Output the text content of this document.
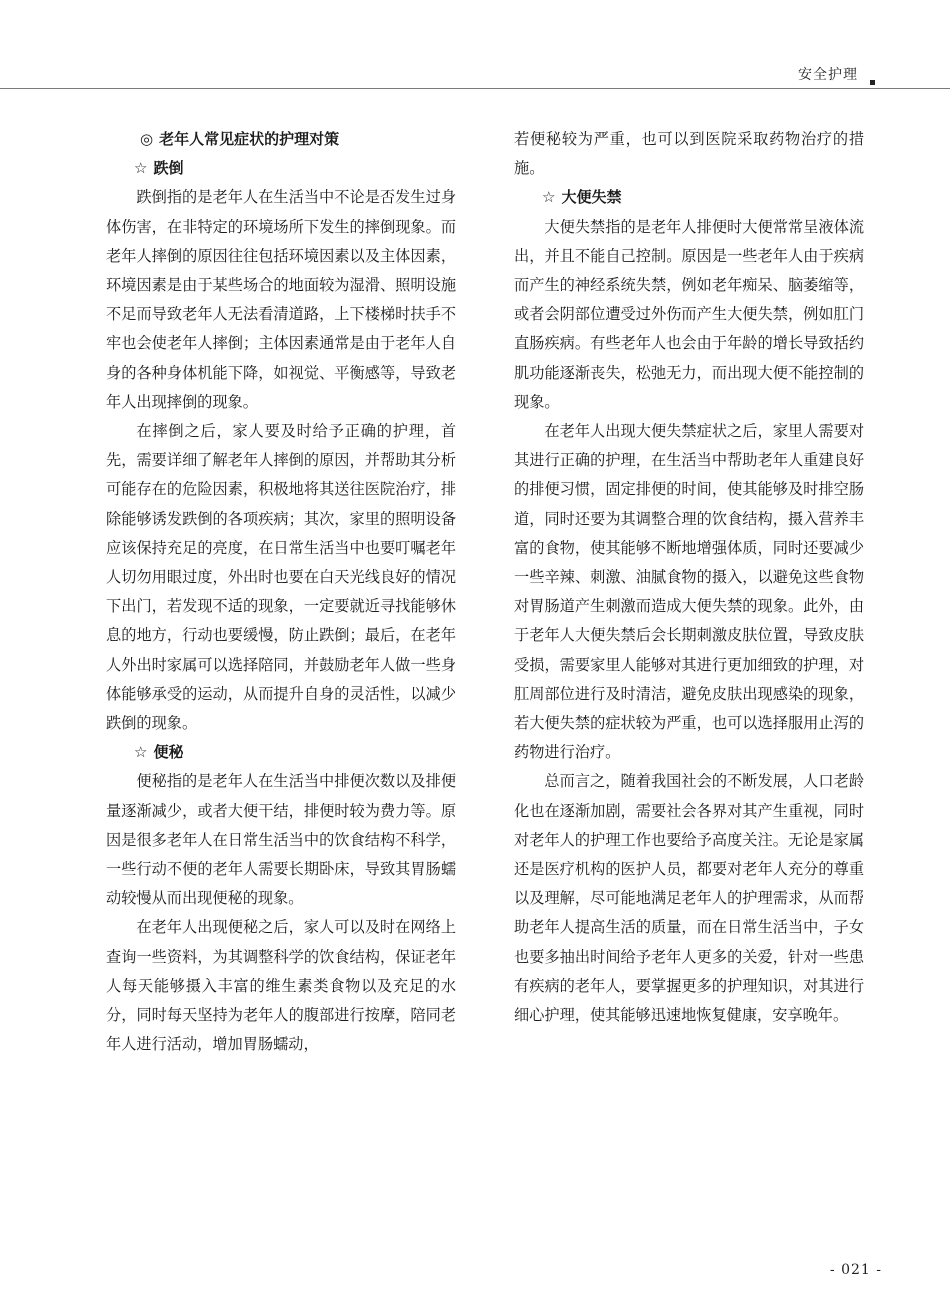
安全护理
◎ 老年人常见症状的护理对策
☆ 跌倒

跌倒指的是老年人在生活当中不论是否发生过身体伤害，在非特定的环境场所下发生的摔倒现象。而老年人摔倒的原因往往包括环境因素以及主体因素，环境因素是由于某些场合的地面较为湿滑、照明设施不足而导致老年人无法看清道路，上下楼梯时扶手不牢也会使老年人摔倒；主体因素通常是由于老年人自身的各种身体机能下降，如视觉、平衡感等，导致老年人出现摔倒的现象。

在摔倒之后，家人要及时给予正确的护理，首先，需要详细了解老年人摔倒的原因，并帮助其分析可能存在的危险因素，积极地将其送往医院治疗，排除能够诱发跌倒的各项疾病；其次，家里的照明设备应该保持充足的亮度，在日常生活当中也要叮嘱老年人切勿用眼过度，外出时也要在白天光线良好的情况下出门，若发现不适的现象，一定要就近寻找能够休息的地方，行动也要缓慢，防止跌倒；最后，在老年人外出时家属可以选择陪同，并鼓励老年人做一些身体能够承受的运动，从而提升自身的灵活性，以减少跌倒的现象。

☆ 便秘

便秘指的是老年人在生活当中排便次数以及排便量逐渐减少，或者大便干结，排便时较为费力等。原因是很多老年人在日常生活当中的饮食结构不科学，一些行动不便的老年人需要长期卧床，导致其胃肠蠕动较慢从而出现便秘的现象。

在老年人出现便秘之后，家人可以及时在网络上查询一些资料，为其调整科学的饮食结构，保证老年人每天能够摄入丰富的维生素类食物以及充足的水分，同时每天坚持为老年人的腹部进行按摩，陪同老年人进行活动，增加胃肠蠕动，

若便秘较为严重，也可以到医院采取药物治疗的措施。

☆ 大便失禁

大便失禁指的是老年人排便时大便常常呈液体流出，并且不能自己控制。原因是一些老年人由于疾病而产生的神经系统失禁，例如老年痴呆、脑萎缩等，或者会阴部位遭受过外伤而产生大便失禁，例如肛门直肠疾病。有些老年人也会由于年龄的增长导致括约肌功能逐渐丧失，松弛无力，而出现大便不能控制的现象。

在老年人出现大便失禁症状之后，家里人需要对其进行正确的护理，在生活当中帮助老年人重建良好的排便习惯，固定排便的时间，使其能够及时排空肠道，同时还要为其调整合理的饮食结构，摄入营养丰富的食物，使其能够不断地增强体质，同时还要减少一些辛辣、刺激、油腻食物的摄入，以避免这些食物对胃肠道产生刺激而造成大便失禁的现象。此外，由于老年人大便失禁后会长期刺激皮肤位置，导致皮肤受损，需要家里人能够对其进行更加细致的护理，对肛周部位进行及时清洁，避免皮肤出现感染的现象，若大便失禁的症状较为严重，也可以选择服用止泻的药物进行治疗。

总而言之，随着我国社会的不断发展，人口老龄化也在逐渐加剧，需要社会各界对其产生重视，同时对老年人的护理工作也要给予高度关注。无论是家属还是医疗机构的医护人员，都要对老年人充分的尊重以及理解，尽可能地满足老年人的护理需求，从而帮助老年人提高生活的质量，而在日常生活当中，子女也要多抽出时间给予老年人更多的关爱，针对一些患有疾病的老年人，要掌握更多的护理知识，对其进行细心护理，使其能够迅速地恢复健康，安享晚年。

- 021 -
